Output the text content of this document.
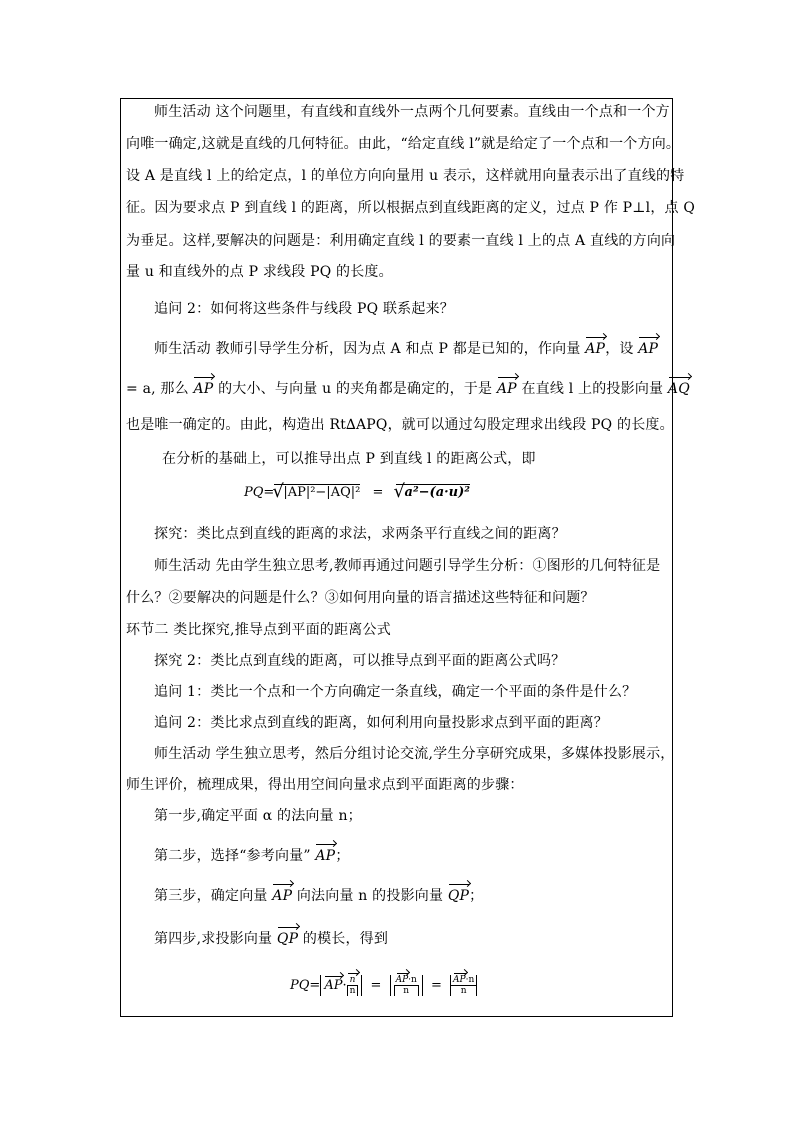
师生活动 这个问题里，有直线和直线外一点两个几何要素。直线由一个点和一个方
向唯一确定,这就是直线的几何特征。由此，“给定直线 l”就是给定了一个点和一个方向。
设 A 是直线 l 上的给定点，l 的单位方向向量用 u 表示，这样就用向量表示出了直线的特
征。因为要求点 P 到直线 l 的距离，所以根据点到直线距离的定义，过点 P 作 P⊥l，点 Q
为垂足。这样,要解决的问题是：利用确定直线 l 的要素一直线 l 上的点 A 直线的方向向
量 u 和直线外的点 P 求线段 PQ 的长度。
追问 2：如何将这些条件与线段 PQ 联系起来？
师生活动 教师引导学生分析，因为点 A 和点 P 都是已知的，作向量 AP，设 AP
= a, 那么 AP 的大小、与向量 u 的夹角都是确定的，于是 AP 在直线 l 上的投影向量 AQ
也是唯一确定的。由此，构造出 Rt∆APQ，就可以通过勾股定理求出线段 PQ 的长度。
在分析的基础上，可以推导出点 P 到直线 l 的距离公式，即
PQ= √ |AP|²−|AQ|² = √ a²−(a·u)²
探究：类比点到直线的距离的求法，求两条平行直线之间的距离？
师生活动 先由学生独立思考,教师再通过问题引导学生分析：①图形的几何特征是
什么？②要解决的问题是什么？③如何用向量的语言描述这些特征和问题？
环节二 类比探究,推导点到平面的距离公式
探究 2：类比点到直线的距离，可以推导点到平面的距离公式吗？
追问 1：类比一个点和一个方向确定一条直线，确定一个平面的条件是什么？
追问 2：类比求点到直线的距离，如何利用向量投影求点到平面的距离？
师生活动 学生独立思考，然后分组讨论交流,学生分享研究成果，多媒体投影展示，
师生评价，梳理成果，得出用空间向量求点到平面距离的步骤：
第一步,确定平面 α 的法向量 n；
第二步，选择“参考向量” AP；
第三步，确定向量 AP 向法向量 n 的投影向量 QP；
第四步,求投影向量 QP 的模长，得到
$PQ= AP\cdot \frac{n}{n} = \frac{AP\cdot n}{n} = \frac{AP\cdot n}{n}$
